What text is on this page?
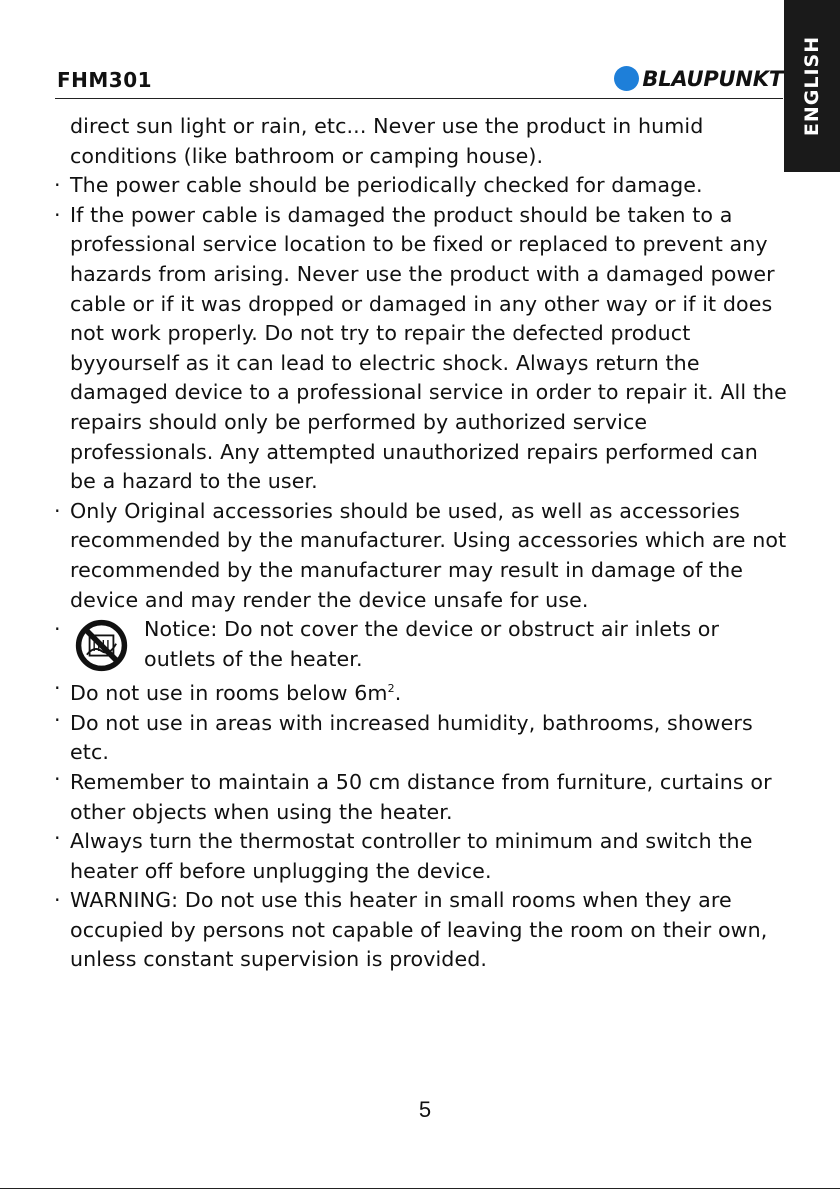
ENGLISH
FHM301	BLAUPUNKT
direct sun light or rain, etc... Never use the product in humid conditions (like bathroom or camping house).
· The power cable should be periodically checked for damage.
· If the power cable is damaged the product should be taken to a professional service location to be fixed or replaced to prevent any hazards from arising. Never use the product with a damaged power cable or if it was dropped or damaged in any other way or if it does not work properly. Do not try to repair the defected product byyourself as it can lead to electric shock. Always return the damaged device to a professional service in order to repair it. All the repairs should only be performed by authorized service professionals. Any attempted unauthorized repairs performed can be a hazard to the user.
· Only Original accessories should be used, as well as accessories recommended by the manufacturer. Using accessories which are not recommended by the manufacturer may result in damage of the device and may render the device unsafe for use.
·	Notice: Do not cover the device or obstruct air inlets or outlets of the heater.
· Do not use in rooms below $6m^2$.
· Do not use in areas with increased humidity, bathrooms, showers etc.
· Remember to maintain a 50 cm distance from furniture, curtains or other objects when using the heater.
· Always turn the thermostat controller to minimum and switch the heater off before unplugging the device.
· WARNING: Do not use this heater in small rooms when they are occupied by persons not capable of leaving the room on their own, unless constant supervision is provided.
5
